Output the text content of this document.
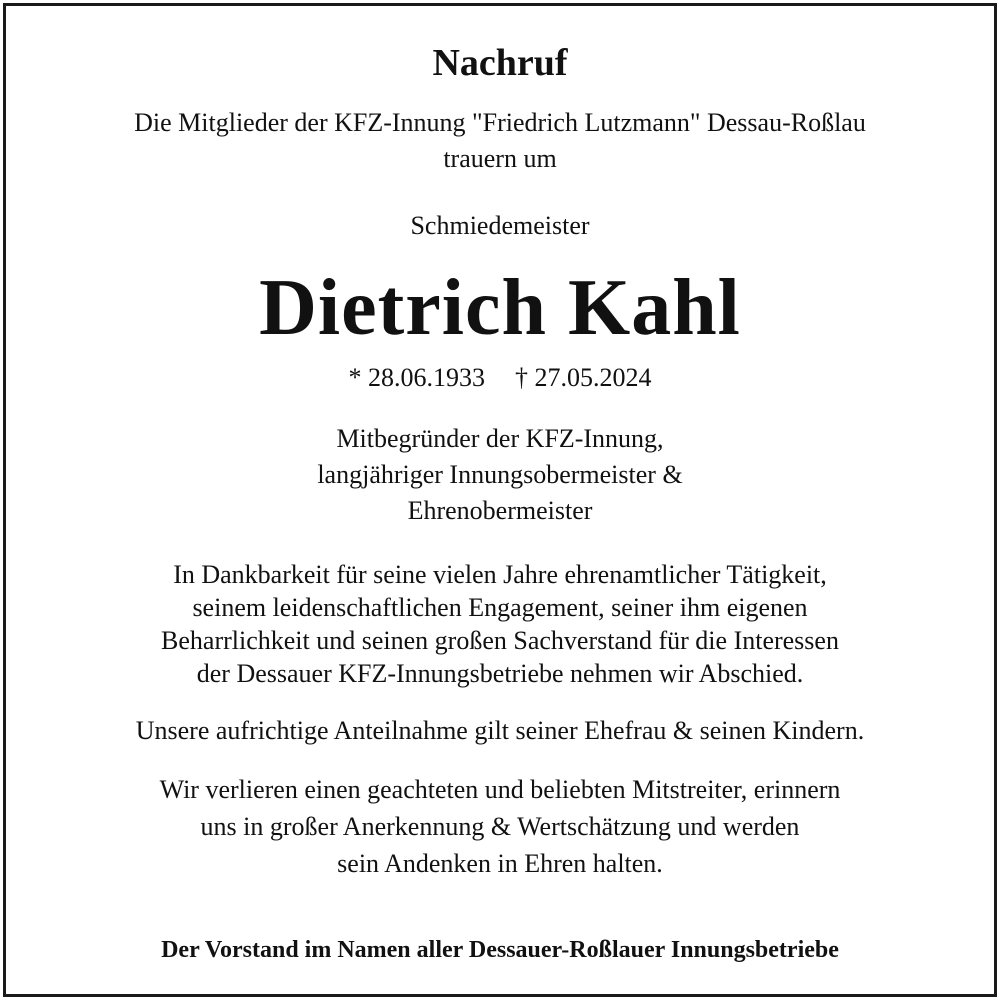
Nachruf
Die Mitglieder der KFZ-Innung "Friedrich Lutzmann" Dessau-Roßlau
trauern um
Schmiedemeister
Dietrich Kahl
* 28.06.1933 † 27.05.2024
Mitbegründer der KFZ-Innung,
langjähriger Innungsobermeister &
Ehrenobermeister
In Dankbarkeit für seine vielen Jahre ehrenamtlicher Tätigkeit,
seinem leidenschaftlichen Engagement, seiner ihm eigenen
Beharrlichkeit und seinen großen Sachverstand für die Interessen
der Dessauer KFZ-Innungsbetriebe nehmen wir Abschied.
Unsere aufrichtige Anteilnahme gilt seiner Ehefrau & seinen Kindern.
Wir verlieren einen geachteten und beliebten Mitstreiter, erinnern
uns in großer Anerkennung & Wertschätzung und werden
sein Andenken in Ehren halten.
Der Vorstand im Namen aller Dessauer-Roßlauer Innungsbetriebe
